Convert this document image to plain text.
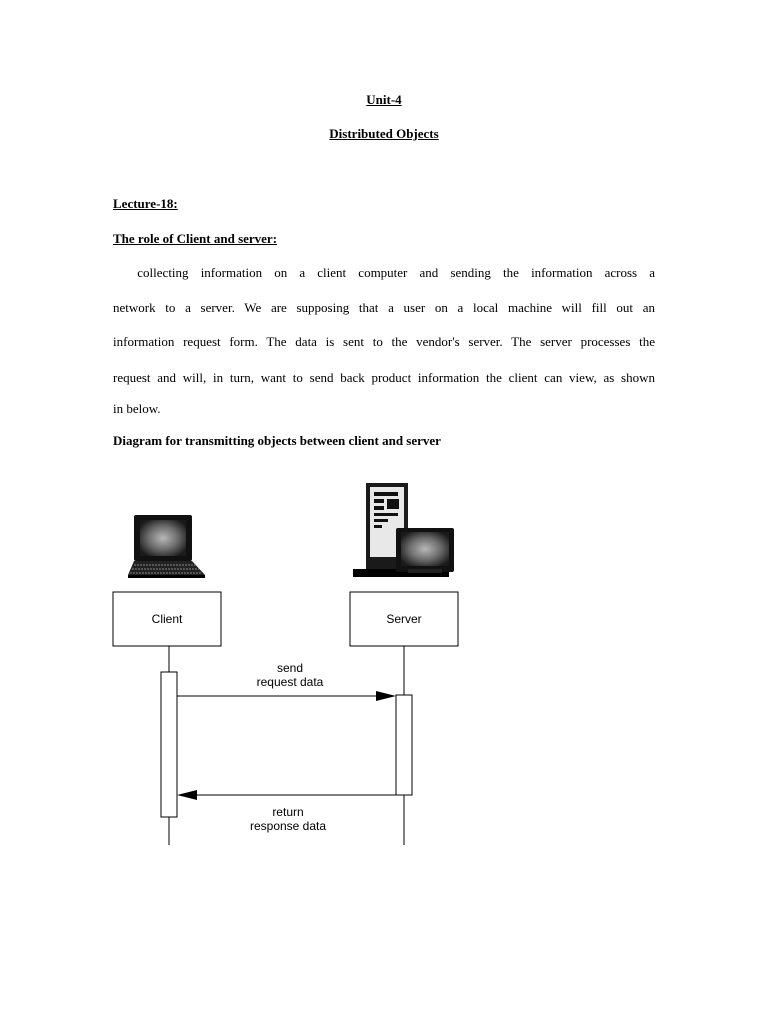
Unit-4
Distributed Objects
Lecture-18:
The role of Client and server:
collecting information on a client computer and sending the information across a
network to a server. We are supposing that a user on a local machine will fill out an
information request form. The data is sent to the vendor's server. The server processes the
request and will, in turn, want to send back product information the client can view, as shown
in below.
Diagram for transmitting objects between client and server
Client	Server
send
request data
return
response data
